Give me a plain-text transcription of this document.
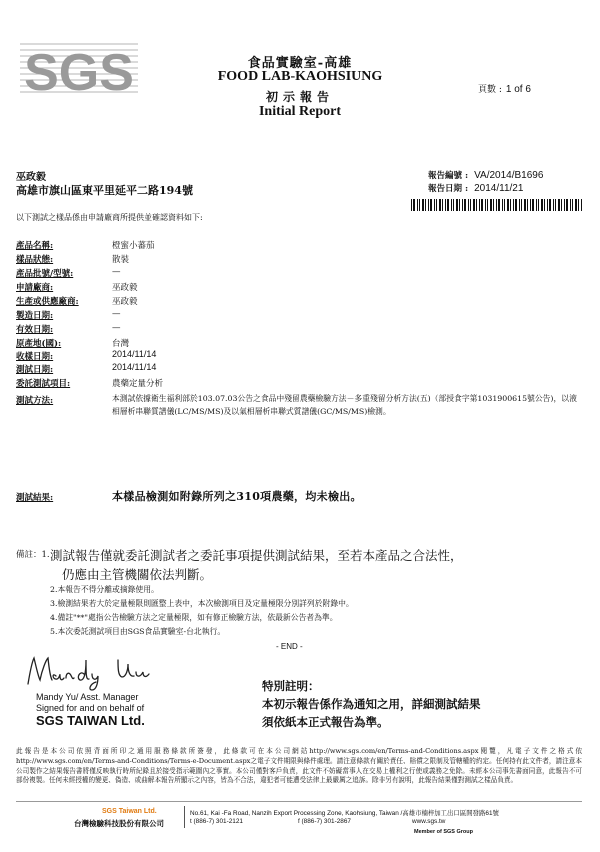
SGS	食品實驗室-高雄
FOOD LAB-KAOHSIUNG
初示報告
Initial Report
頁數 : 1 of 6
巫政毅
高雄市旗山區東平里延平二路194號
報告編號 : VA/2014/B1696
報告日期 : 2014/11/21
以下測試之樣品係由申請廠商所提供並確認資料如下:
產品名稱:	橙蜜小蕃茄
樣品狀態:	散裝
產品批號/型號:	—
申請廠商:	巫政毅
生產或供應廠商:	巫政毅
製造日期:	—
有效日期:	—
原產地(國):	台灣
收樣日期:	2014/11/14
測試日期:	2014/11/14
委託測試項目:	農藥定量分析
測試方法:	本測試依據衛生福利部於103.07.03公告之食品中殘留農藥檢驗方法－多重殘留分析方法(五)（部授食字第1031900615號公告)，以液相層析串聯質譜儀(LC/MS/MS)及以氣相層析串聯式質譜儀(GC/MS/MS)檢測。
測試結果:	本樣品檢測如附錄所列之310項農藥，均未檢出。
備註：1. 測試報告僅就委託測試者之委託事項提供測試結果，至若本產品之合法性，
仍應由主管機關依法判斷。
2.本報告不得分離或摘錄使用。
3.檢測結果若大於定量極限則匯整上表中，本次檢測項目及定量極限分別詳列於附錄中。
4.備註"**"處指公告檢驗方法之定量極限，如有修正檢驗方法，依最新公告者為準。
5.本次委託測試項目由SGS食品實驗室-台北執行。
- END -
Mandy Yu/ Asst. Manager
Signed for and on behalf of
SGS TAIWAN Ltd.
特別註明：
本初示報告係作為通知之用，詳細測試結果
須依紙本正式報告為準。
此報告是本公司依照背面所印之通用服務條款所簽發，此條款可在本公司網站http://www.sgs.com/en/Terms-and-Conditions.aspx閱覽，凡電子文件之格式依http://www.sgs.com/en/Terms-and-Conditions/Terms-e-Document.aspx之電子文件期限與條件處理。請注意條款有關於責任、賠償之限制及管轄權的約定。任何持有此文件者，請注意本公司製作之結果報告書將僅反映執行時所紀錄且於接受指示範圍內之事實。本公司僅對客戶負責，此文件不妨礙當事人在交易上權利之行使或義務之免除。未經本公司事先書面同意，此報告不可部份複製。任何未經授權的變更、偽造、或曲解本報告所顯示之內容，皆為不合法，違犯者可能遭受法律上最嚴厲之追訴。除非另有說明，此報告結果僅對測試之樣品負責。
SGS Taiwan Ltd.
台灣檢驗科技股份有限公司
No.61, Kai -Fa Road, Nanzih Export Processing Zone, Kaohsiung, Taiwan /高雄市楠梓加工出口區開發路61號
t (886-7) 301-2121	f (886-7) 301-2867	www.sgs.tw
Member of SGS Group
